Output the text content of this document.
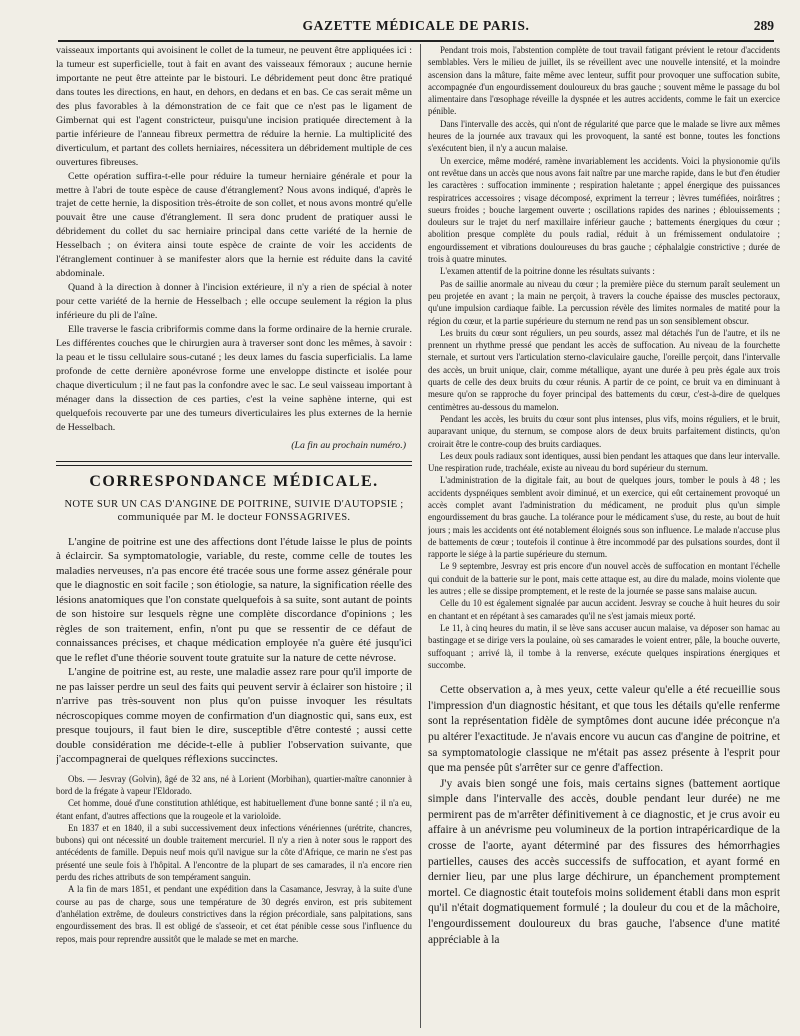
GAZETTE MÉDICALE DE PARIS.	289

vaisseaux importants qui avoisinent le collet de la tumeur, ne peuvent être appliquées ici : la tumeur est superficielle, tout à fait en avant des vaisseaux fémoraux ; aucune hernie importante ne peut être atteinte par le bistouri. Le débridement peut donc être pratiqué dans toutes les directions, en haut, en dehors, en dedans et en bas. Ce cas serait même un des plus favorables à la démonstration de ce fait que ce n'est pas le ligament de Gimbernat qui est l'agent constricteur, puisqu'une incision pratiquée directement à la partie inférieure de l'anneau fibreux permettra de réduire la hernie. La multiplicité des diverticulum, et partant des collets herniaires, nécessitera un débridement multiple de ces ouvertures fibreuses.

Cette opération suffira-t-elle pour réduire la tumeur herniaire générale et pour la mettre à l'abri de toute espèce de cause d'étranglement? Nous avons indiqué, d'après le trajet de cette hernie, la disposition très-étroite de son collet, et nous avons montré qu'elle pouvait être une cause d'étranglement. Il sera donc prudent de pratiquer aussi le débridement du collet du sac herniaire principal dans cette variété de la hernie de Hesselbach ; on évitera ainsi toute espèce de crainte de voir les accidents de l'étranglement continuer à se manifester alors que la hernie est réduite dans la cavité abdominale.

Quand à la direction à donner à l'incision extérieure, il n'y a rien de spécial à noter pour cette variété de la hernie de Hesselbach ; elle occupe seulement la région la plus inférieure du pli de l'aîne.

Elle traverse le fascia cribriformis comme dans la forme ordinaire de la hernie crurale. Les différentes couches que le chirurgien aura à traverser sont donc les mêmes, à savoir : la peau et le tissu cellulaire sous-cutané ; les deux lames du fascia superficialis. La lame profonde de cette dernière aponévrose forme une enveloppe distincte et isolée pour chaque diverticulum ; il ne faut pas la confondre avec le sac. Le seul vaisseau important à ménager dans la dissection de ces parties, c'est la veine saphène interne, qui est quelquefois recouverte par une des tumeurs diverticulaires les plus externes de la hernie de Hesselbach.

(La fin au prochain numéro.)
CORRESPONDANCE MÉDICALE.
NOTE SUR UN CAS D'ANGINE DE POITRINE, SUIVIE D'AUTOPSIE ; communiquée par M. le docteur FONSSAGRIVES.

L'angine de poitrine est une des affections dont l'étude laisse le plus de points à éclaircir. Sa symptomatologie, variable, du reste, comme celle de toutes les maladies nerveuses, n'a pas encore été tracée sous une forme assez générale pour que le diagnostic en soit facile ; son étiologie, sa nature, la signification réelle des lésions anatomiques que l'on constate quelquefois à sa suite, sont autant de points de son histoire sur lesquels règne une complète discordance d'opinions ; les règles de son traitement, enfin, n'ont pu que se ressentir de ce défaut de connaissances précises, et chaque médication employée n'a guère été jusqu'ici que le reflet d'une théorie souvent toute gratuite sur la nature de cette névrose.

L'angine de poitrine est, au reste, une maladie assez rare pour qu'il importe de ne pas laisser perdre un seul des faits qui peuvent servir à éclairer son histoire ; il n'arrive pas très-souvent non plus qu'on puisse invoquer les résultats nécroscopiques comme moyen de confirmation d'un diagnostic qui, sans eux, est presque toujours, il faut bien le dire, susceptible d'être contesté ; aussi cette double considération me décide-t-elle à publier l'observation suivante, que j'accompagnerai de quelques réflexions succinctes.

Obs. — Jesvray (Golvin), âgé de 32 ans, né à Lorient (Morbihan), quartier-maître canonnier à bord de la frégate à vapeur l'Eldorado.

Cet homme, doué d'une constitution athlétique, est habituellement d'une bonne santé ; il n'a eu, étant enfant, d'autres affections que la rougeole et la varioloïde.

En 1837 et en 1840, il a subi successivement deux infections vénériennes (urétrite, chancres, bubons) qui ont nécessité un double traitement mercuriel. Il n'y a rien à noter sous le rapport des antécédents de famille. Depuis neuf mois qu'il navigue sur la côte d'Afrique, ce marin ne s'est pas présenté une seule fois à l'hôpital. A l'encontre de la plupart de ses camarades, il n'a encore rien perdu des riches attributs de son tempérament sanguin.

A la fin de mars 1851, et pendant une expédition dans la Casamance, Jesvray, à la suite d'une course au pas de charge, sous une température de 30 degrés environ, est pris subitement d'anhélation extrême, de douleurs constrictives dans la région précordiale, sans palpitations, sans engourdissement des bras. Il est obligé de s'asseoir, et cet état pénible cesse sous l'influence du repos, mais pour reprendre aussitôt que le malade se met en marche.

Pendant trois mois, l'abstention complète de tout travail fatigant prévient le retour d'accidents semblables. Vers le milieu de juillet, ils se réveillent avec une nouvelle intensité, et la moindre ascension dans la mâture, faite même avec lenteur, suffit pour provoquer une suffocation subite, accompagnée d'un engourdissement douloureux du bras gauche ; souvent même le passage du bol alimentaire dans l'œsophage réveille la dyspnée et les autres accidents, comme le fait un exercice pénible.

Dans l'intervalle des accès, qui n'ont de régularité que parce que le malade se livre aux mêmes heures de la journée aux travaux qui les provoquent, la santé est bonne, toutes les fonctions s'exécutent bien, il n'y a aucun malaise.

Un exercice, même modéré, ramène invariablement les accidents. Voici la physionomie qu'ils ont revêtue dans un accès que nous avons fait naître par une marche rapide, dans le but d'en étudier les caractères : suffocation imminente ; respiration haletante ; appel énergique des puissances respiratrices accessoires ; visage décomposé, expriment la terreur ; lèvres tuméfiées, noirâtres ; sueurs froides ; bouche largement ouverte ; oscillations rapides des narines ; éblouissements ; douleurs sur le trajet du nerf maxillaire inférieur gauche ; battements énergiques du cœur ; abolition presque complète du pouls radial, réduit à un frémissement ondulatoire ; engourdissement et vibrations douloureuses du bras gauche ; céphalalgie constrictive ; durée de trois à quatre minutes.

L'examen attentif de la poitrine donne les résultats suivants :

Pas de saillie anormale au niveau du cœur ; la première pièce du sternum paraît seulement un peu projetée en avant ; la main ne perçoit, à travers la couche épaisse des muscles pectoraux, qu'une impulsion cardiaque faible. La percussion révèle des limites normales de matité pour la région du cœur, et la partie supérieure du sternum ne rend pas un son sensiblement obscur.

Les bruits du cœur sont réguliers, un peu sourds, assez mal détachés l'un de l'autre, et ils ne prennent un rhythme pressé que pendant les accès de suffocation. Au niveau de la fourchette sternale, et surtout vers l'articulation sterno-claviculaire gauche, l'oreille perçoit, dans l'intervalle des accès, un bruit unique, clair, comme métallique, ayant une durée à peu près égale aux trois quarts de celle des deux bruits du cœur réunis. A partir de ce point, ce bruit va en diminuant à mesure qu'on se rapproche du foyer principal des battements du cœur, c'est-à-dire de quelques centimètres au-dessous du mamelon.

Pendant les accès, les bruits du cœur sont plus intenses, plus vifs, moins réguliers, et le bruit, auparavant unique, du sternum, se compose alors de deux bruits parfaitement distincts, qu'on croirait être le contre-coup des bruits cardiaques.

Les deux pouls radiaux sont identiques, aussi bien pendant les attaques que dans leur intervalle. Une respiration rude, trachéale, existe au niveau du bord supérieur du sternum.

L'administration de la digitale fait, au bout de quelques jours, tomber le pouls à 48 ; les accidents dyspnéiques semblent avoir diminué, et un exercice, qui eût certainement provoqué un accès complet avant l'administration du médicament, ne produit plus qu'un simple engourdissement du bras gauche. La tolérance pour le médicament s'use, du reste, au bout de huit jours ; mais les accidents ont été notablement éloignés sous son influence. Le malade n'accuse plus de battements de cœur ; toutefois il continue à être incommodé par des pulsations sourdes, dont il rapporte le siége à la partie supérieure du sternum.

Le 9 septembre, Jesvray est pris encore d'un nouvel accès de suffocation en montant l'échelle qui conduit de la batterie sur le pont, mais cette attaque est, au dire du malade, moins violente que les autres ; elle se dissipe promptement, et le reste de la journée se passe sans malaise aucun.

Celle du 10 est également signalée par aucun accident. Jesvray se couche à huit heures du soir en chantant et en répétant à ses camarades qu'il ne s'est jamais mieux porté.

Le 11, à cinq heures du matin, il se lève sans accuser aucun malaise, va déposer son hamac au bastingage et se dirige vers la poulaine, où ses camarades le voient entrer, pâle, la bouche ouverte, suffoquant ; arrivé là, il tombe à la renverse, exécute quelques inspirations énergiques et succombe.

Cette observation a, à mes yeux, cette valeur qu'elle a été recueillie sous l'impression d'un diagnostic hésitant, et que tous les détails qu'elle renferme sont la représentation fidèle de symptômes dont aucune idée préconçue n'a pu altérer l'exactitude. Je n'avais encore vu aucun cas d'angine de poitrine, et sa symptomatologie classique ne m'était pas assez présente à l'esprit pour que ma pensée pût s'arrêter sur ce genre d'affection.

J'y avais bien songé une fois, mais certains signes (battement aortique simple dans l'intervalle des accès, double pendant leur durée) ne me permirent pas de m'arrêter définitivement à ce diagnostic, et je crus avoir eu affaire à un anévrisme peu volumineux de la portion intrapéricardique de la crosse de l'aorte, ayant déterminé par des fissures des hémorrhagies partielles, causes des accès successifs de suffocation, et ayant formé en dernier lieu, par une plus large déchirure, un épanchement promptement mortel. Ce diagnostic était toutefois moins solidement établi dans mon esprit qu'il n'était dogmatiquement formulé ; la douleur du cou et de la mâchoire, l'engourdissement douloureux du bras gauche, l'absence d'une matité appréciable à la
